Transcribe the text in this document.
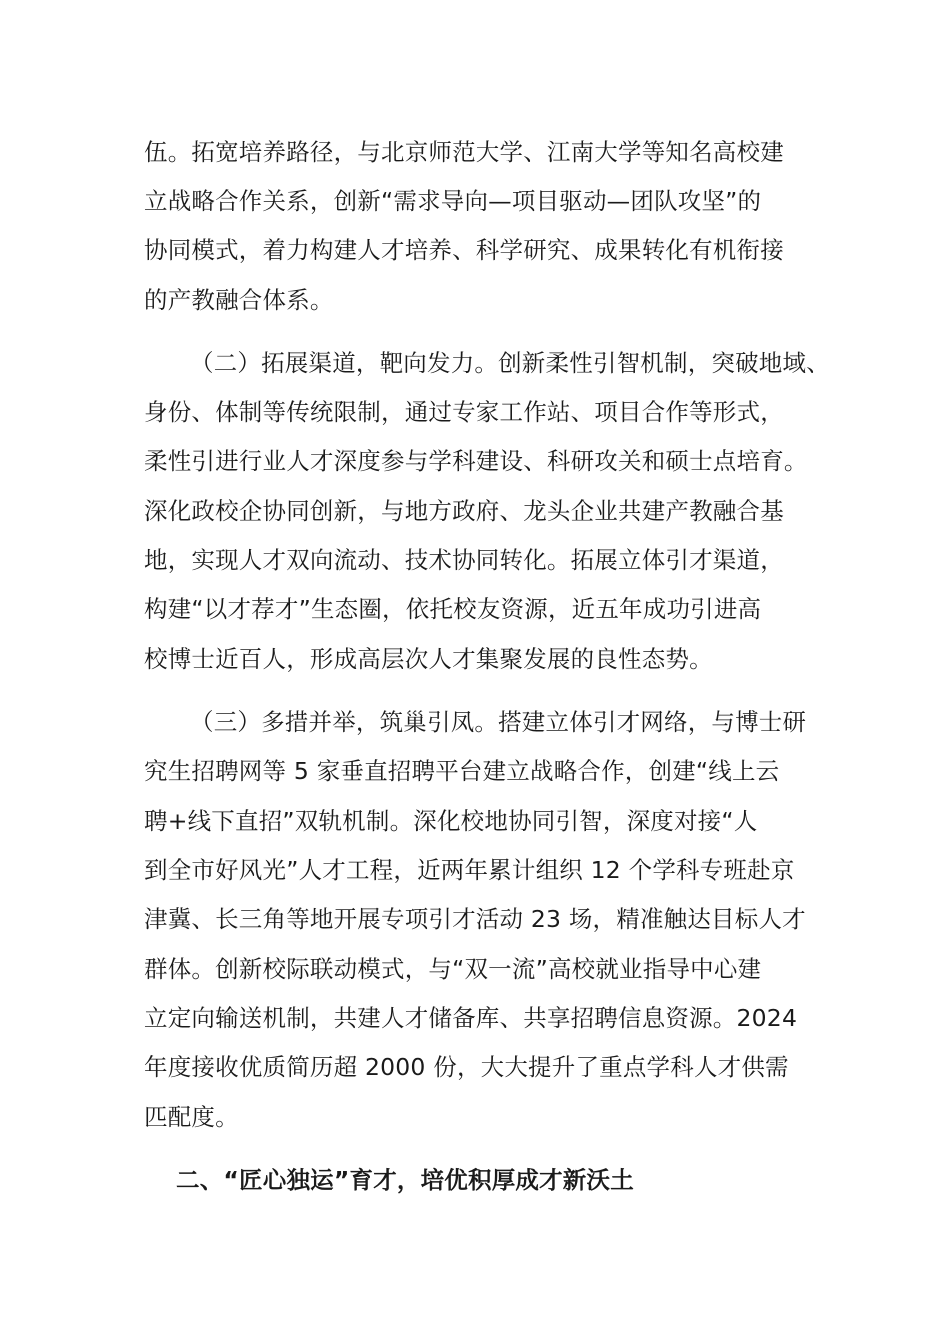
伍。拓宽培养路径，与北京师范大学、江南大学等知名高校建
立战略合作关系，创新“需求导向—项目驱动—团队攻坚”的
协同模式，着力构建人才培养、科学研究、成果转化有机衔接
的产教融合体系。
（二）拓展渠道，靶向发力。创新柔性引智机制，突破地域、
身份、体制等传统限制，通过专家工作站、项目合作等形式，
柔性引进行业人才深度参与学科建设、科研攻关和硕士点培育。
深化政校企协同创新，与地方政府、龙头企业共建产教融合基
地，实现人才双向流动、技术协同转化。拓展立体引才渠道，
构建“以才荐才”生态圈，依托校友资源，近五年成功引进高
校博士近百人，形成高层次人才集聚发展的良性态势。
（三）多措并举，筑巢引凤。搭建立体引才网络，与博士研
究生招聘网等 5 家垂直招聘平台建立战略合作，创建“线上云
聘+线下直招”双轨机制。深化校地协同引智，深度对接“人
到全市好风光”人才工程，近两年累计组织 12 个学科专班赴京
津冀、长三角等地开展专项引才活动 23 场，精准触达目标人才
群体。创新校际联动模式，与“双一流”高校就业指导中心建
立定向输送机制，共建人才储备库、共享招聘信息资源。2024
年度接收优质简历超 2000 份，大大提升了重点学科人才供需
匹配度。
二、“匠心独运”育才，培优积厚成才新沃土
